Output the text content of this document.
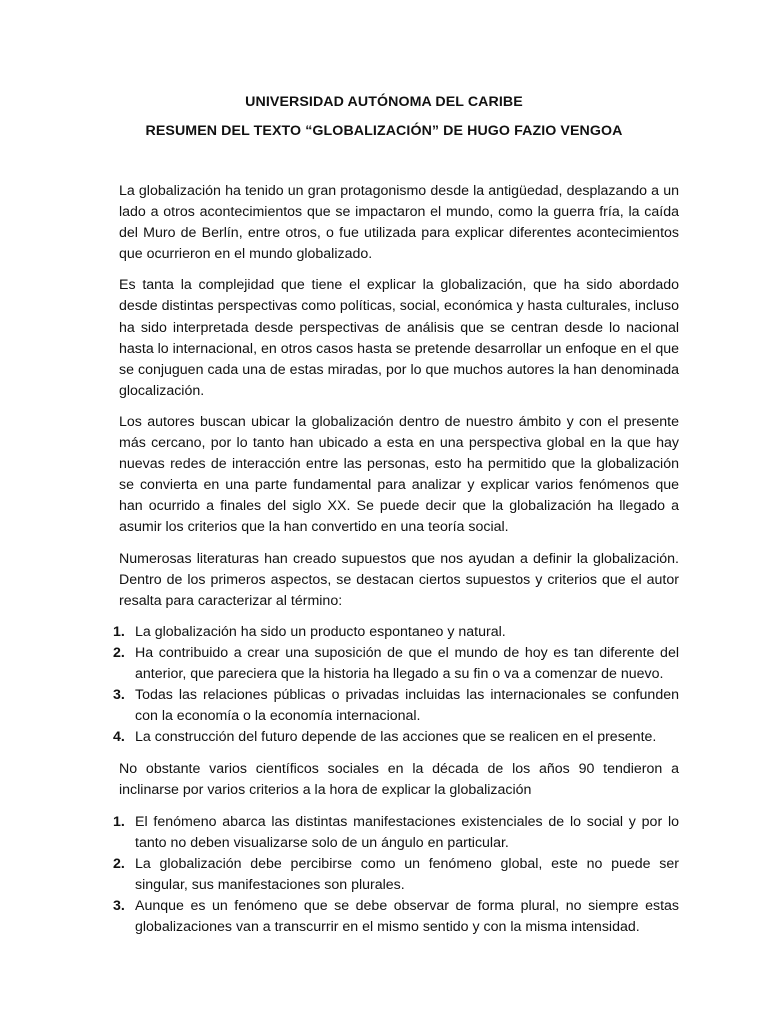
UNIVERSIDAD AUTÓNOMA DEL CARIBE
RESUMEN DEL TEXTO “GLOBALIZACIÓN” DE HUGO FAZIO VENGOA

La globalización ha tenido un gran protagonismo desde la antigüedad, desplazando a un lado a otros acontecimientos que se impactaron el mundo, como la guerra fría, la caída del Muro de Berlín, entre otros, o fue utilizada para explicar diferentes acontecimientos que ocurrieron en el mundo globalizado.

Es tanta la complejidad que tiene el explicar la globalización, que ha sido abordado desde distintas perspectivas como políticas, social, económica y hasta culturales, incluso ha sido interpretada desde perspectivas de análisis que se centran desde lo nacional hasta lo internacional, en otros casos hasta se pretende desarrollar un enfoque en el que se conjuguen cada una de estas miradas, por lo que muchos autores la han denominada glocalización.

Los autores buscan ubicar la globalización dentro de nuestro ámbito y con el presente más cercano, por lo tanto han ubicado a esta en una perspectiva global en la que hay nuevas redes de interacción entre las personas, esto ha permitido que la globalización se convierta en una parte fundamental para analizar y explicar varios fenómenos que han ocurrido a finales del siglo XX. Se puede decir que la globalización ha llegado a asumir los criterios que la han convertido en una teoría social.

Numerosas literaturas han creado supuestos que nos ayudan a definir la globalización. Dentro de los primeros aspectos, se destacan ciertos supuestos y criterios que el autor resalta para caracterizar al término:

1. La globalización ha sido un producto espontaneo y natural.
2. Ha contribuido a crear una suposición de que el mundo de hoy es tan diferente del anterior, que pareciera que la historia ha llegado a su fin o va a comenzar de nuevo.
3. Todas las relaciones públicas o privadas incluidas las internacionales se confunden con la economía o la economía internacional.
4. La construcción del futuro depende de las acciones que se realicen en el presente.

No obstante varios científicos sociales en la década de los años 90 tendieron a inclinarse por varios criterios a la hora de explicar la globalización

1. El fenómeno abarca las distintas manifestaciones existenciales de lo social y por lo tanto no deben visualizarse solo de un ángulo en particular.
2. La globalización debe percibirse como un fenómeno global, este no puede ser singular, sus manifestaciones son plurales.
3. Aunque es un fenómeno que se debe observar de forma plural, no siempre estas globalizaciones van a transcurrir en el mismo sentido y con la misma intensidad.
